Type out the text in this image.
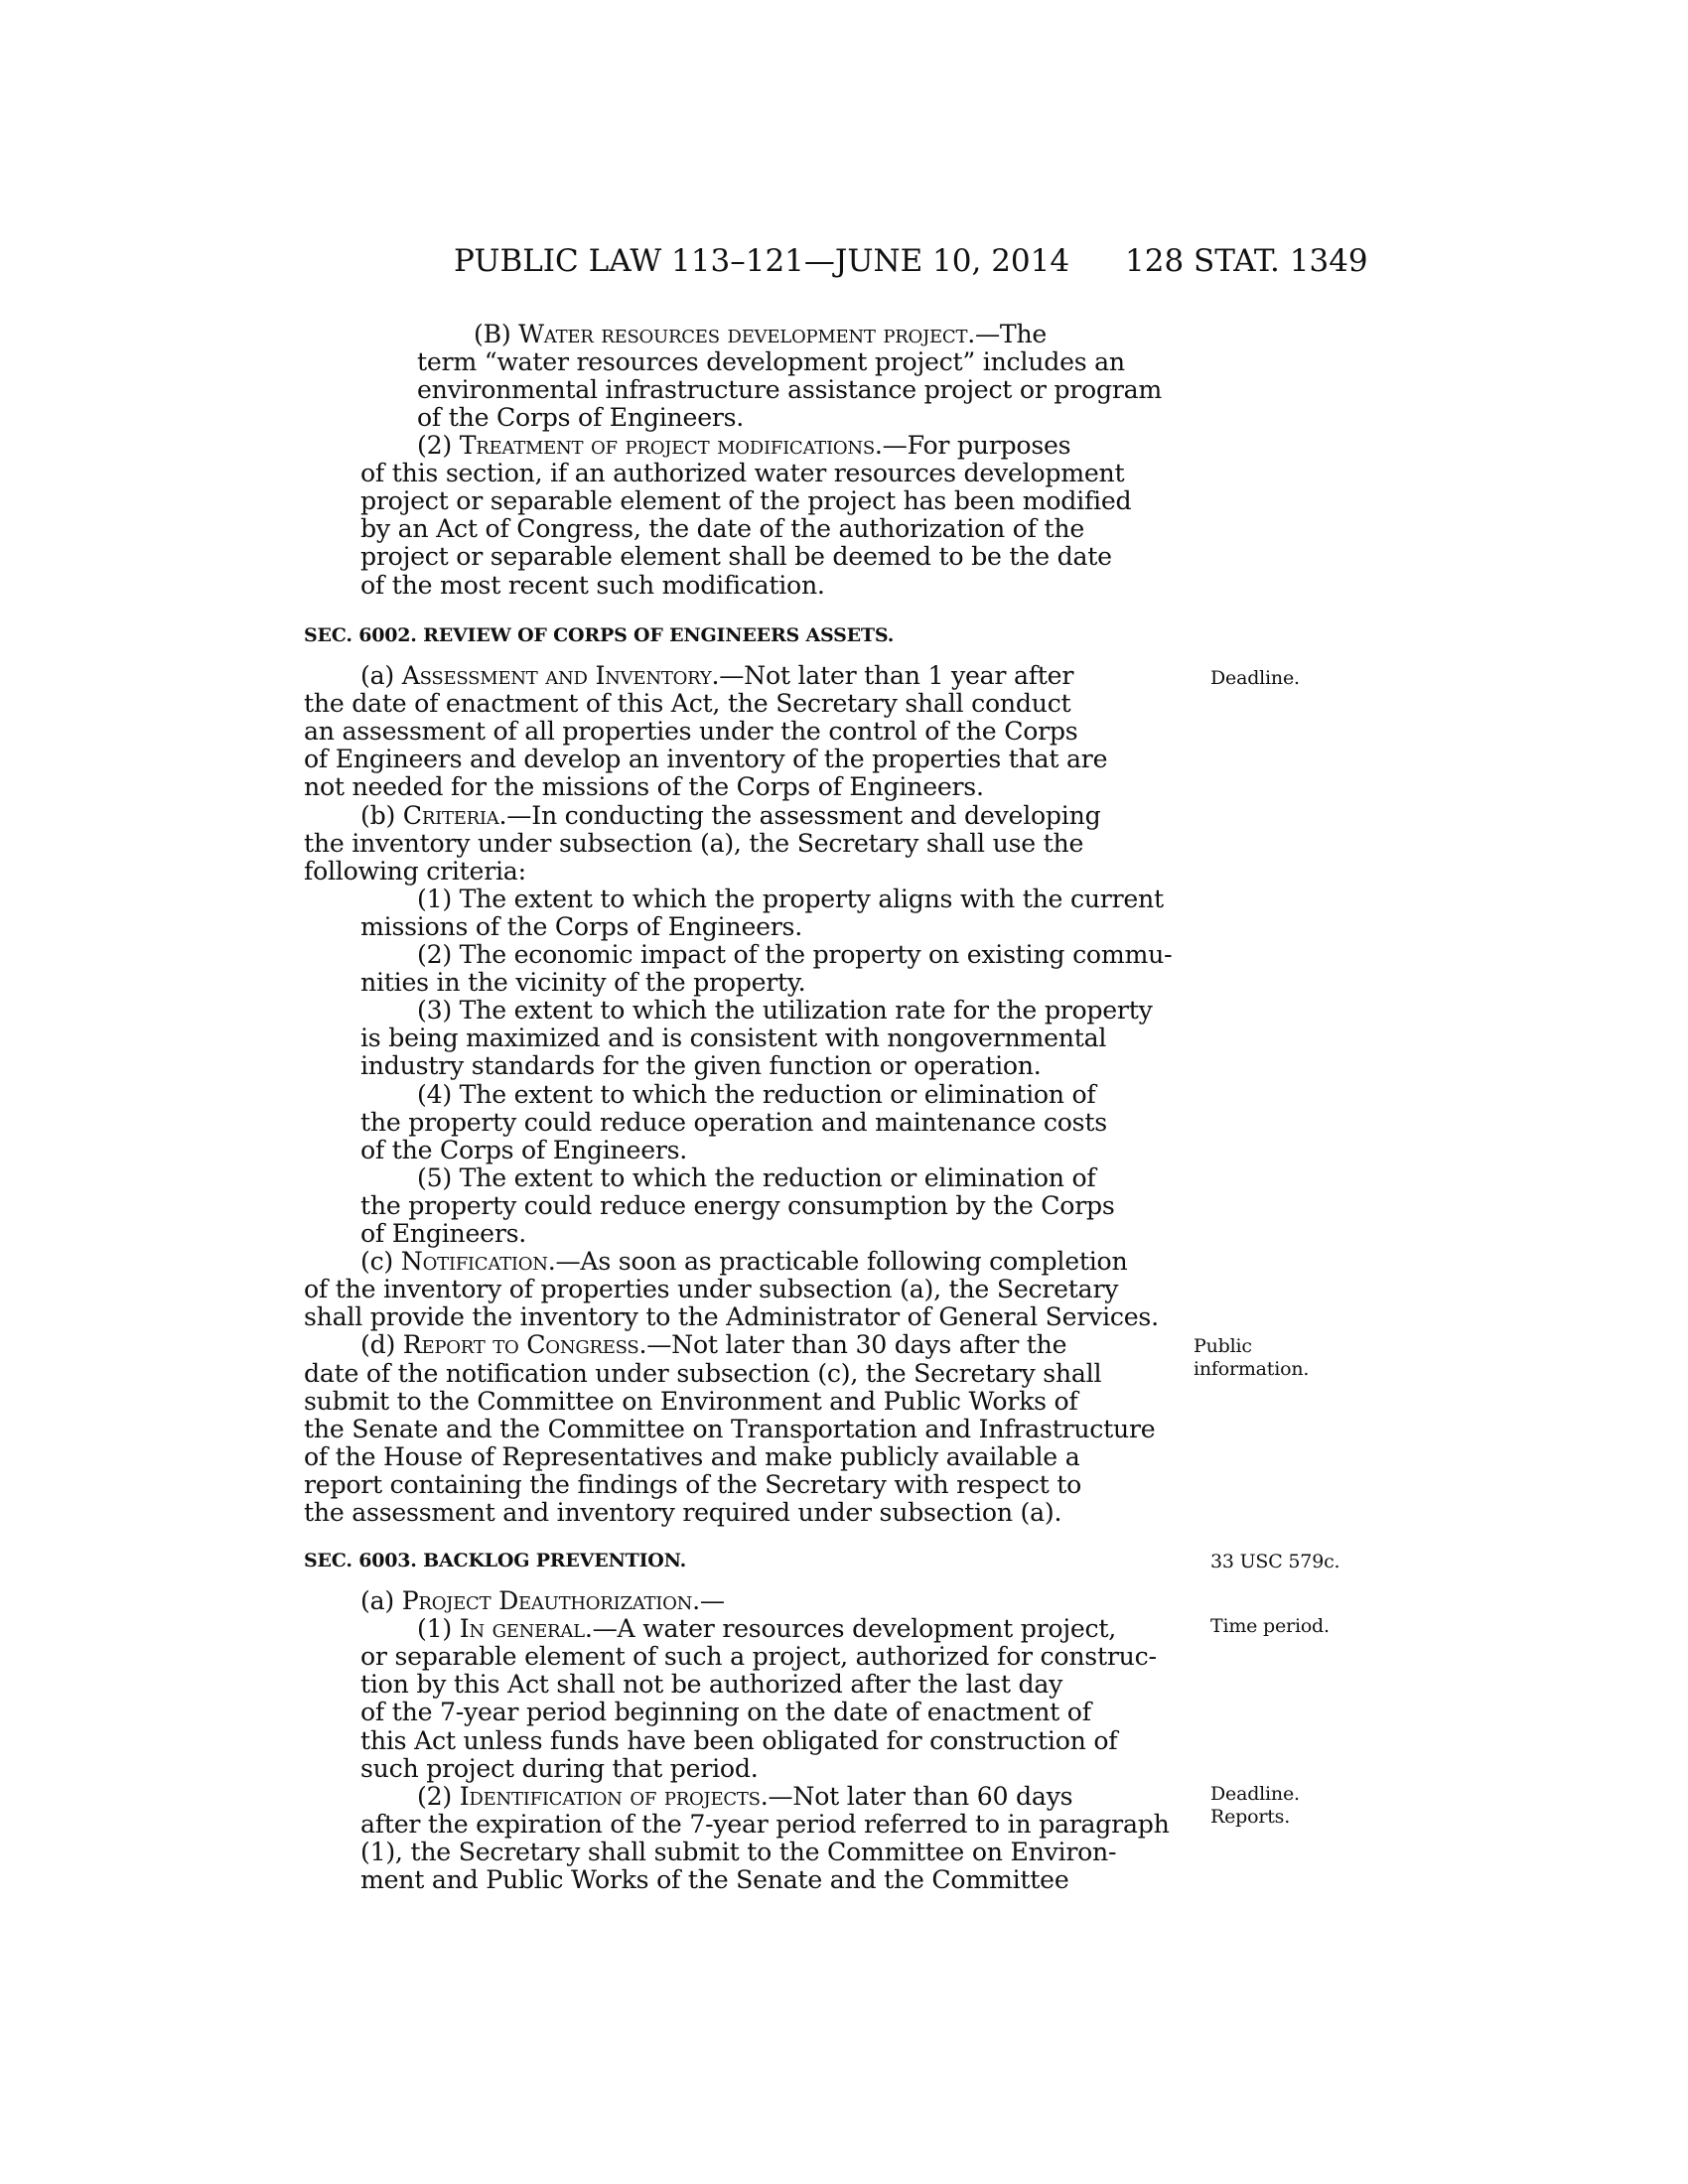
PUBLIC LAW 113–121—JUNE 10, 2014 128 STAT. 1349
(B) Water resources development project.—The
term “water resources development project” includes an
environmental infrastructure assistance project or program
of the Corps of Engineers.
(2) Treatment of project modifications.—For purposes
of this section, if an authorized water resources development
project or separable element of the project has been modified
by an Act of Congress, the date of the authorization of the
project or separable element shall be deemed to be the date
of the most recent such modification.
SEC. 6002. REVIEW OF CORPS OF ENGINEERS ASSETS.
(a) Assessment and Inventory.—Not later than 1 year after
the date of enactment of this Act, the Secretary shall conduct
an assessment of all properties under the control of the Corps
of Engineers and develop an inventory of the properties that are
not needed for the missions of the Corps of Engineers.
(b) Criteria.—In conducting the assessment and developing
the inventory under subsection (a), the Secretary shall use the
following criteria:
(1) The extent to which the property aligns with the current
missions of the Corps of Engineers.
(2) The economic impact of the property on existing commu-
nities in the vicinity of the property.
(3) The extent to which the utilization rate for the property
is being maximized and is consistent with nongovernmental
industry standards for the given function or operation.
(4) The extent to which the reduction or elimination of
the property could reduce operation and maintenance costs
of the Corps of Engineers.
(5) The extent to which the reduction or elimination of
the property could reduce energy consumption by the Corps
of Engineers.
(c) Notification.—As soon as practicable following completion
of the inventory of properties under subsection (a), the Secretary
shall provide the inventory to the Administrator of General Services.
(d) Report to Congress.—Not later than 30 days after the
date of the notification under subsection (c), the Secretary shall
submit to the Committee on Environment and Public Works of
the Senate and the Committee on Transportation and Infrastructure
of the House of Representatives and make publicly available a
report containing the findings of the Secretary with respect to
the assessment and inventory required under subsection (a).
SEC. 6003. BACKLOG PREVENTION.
(a) Project Deauthorization.—
(1) In general.—A water resources development project,
or separable element of such a project, authorized for construc-
tion by this Act shall not be authorized after the last day
of the 7-year period beginning on the date of enactment of
this Act unless funds have been obligated for construction of
such project during that period.
(2) Identification of projects.—Not later than 60 days
after the expiration of the 7-year period referred to in paragraph
(1), the Secretary shall submit to the Committee on Environ-
ment and Public Works of the Senate and the Committee
Deadline.
Public
information.
33 USC 579c.
Time period.
Deadline.
Reports.
